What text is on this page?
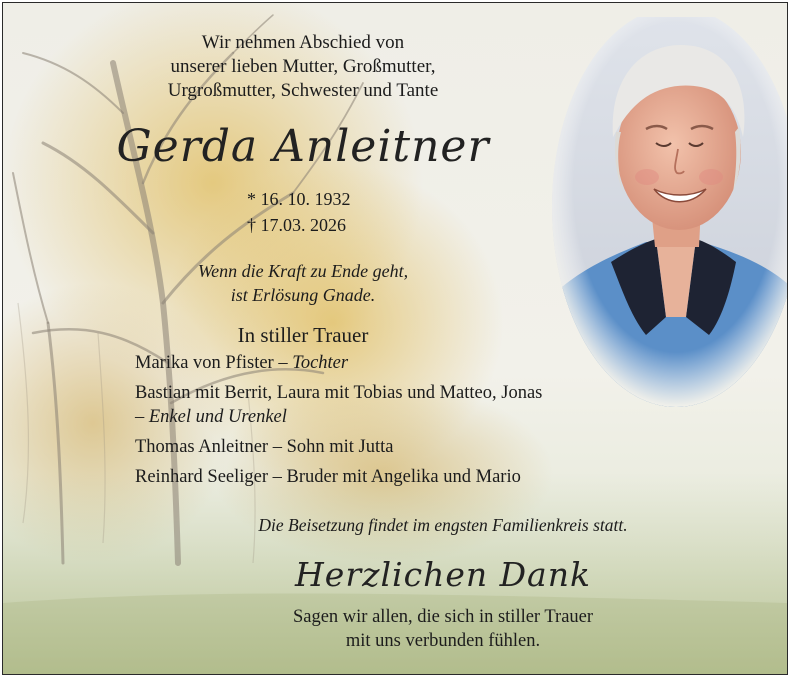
Wir nehmen Abschied von
unserer lieben Mutter, Großmutter,
Urgroßmutter, Schwester und Tante
Gerda Anleitner
* 16. 10. 1932
† 17.03. 2026
Wenn die Kraft zu Ende geht,
ist Erlösung Gnade.
In stiller Trauer
Marika von Pfister – Tochter
Bastian mit Berrit, Laura mit Tobias und Matteo, Jonas
– Enkel und Urenkel
Thomas Anleitner – Sohn mit Jutta
Reinhard Seeliger – Bruder mit Angelika und Mario
Die Beisetzung findet im engsten Familienkreis statt.
Herzlichen Dank
Sagen wir allen, die sich in stiller Trauer
mit uns verbunden fühlen.
